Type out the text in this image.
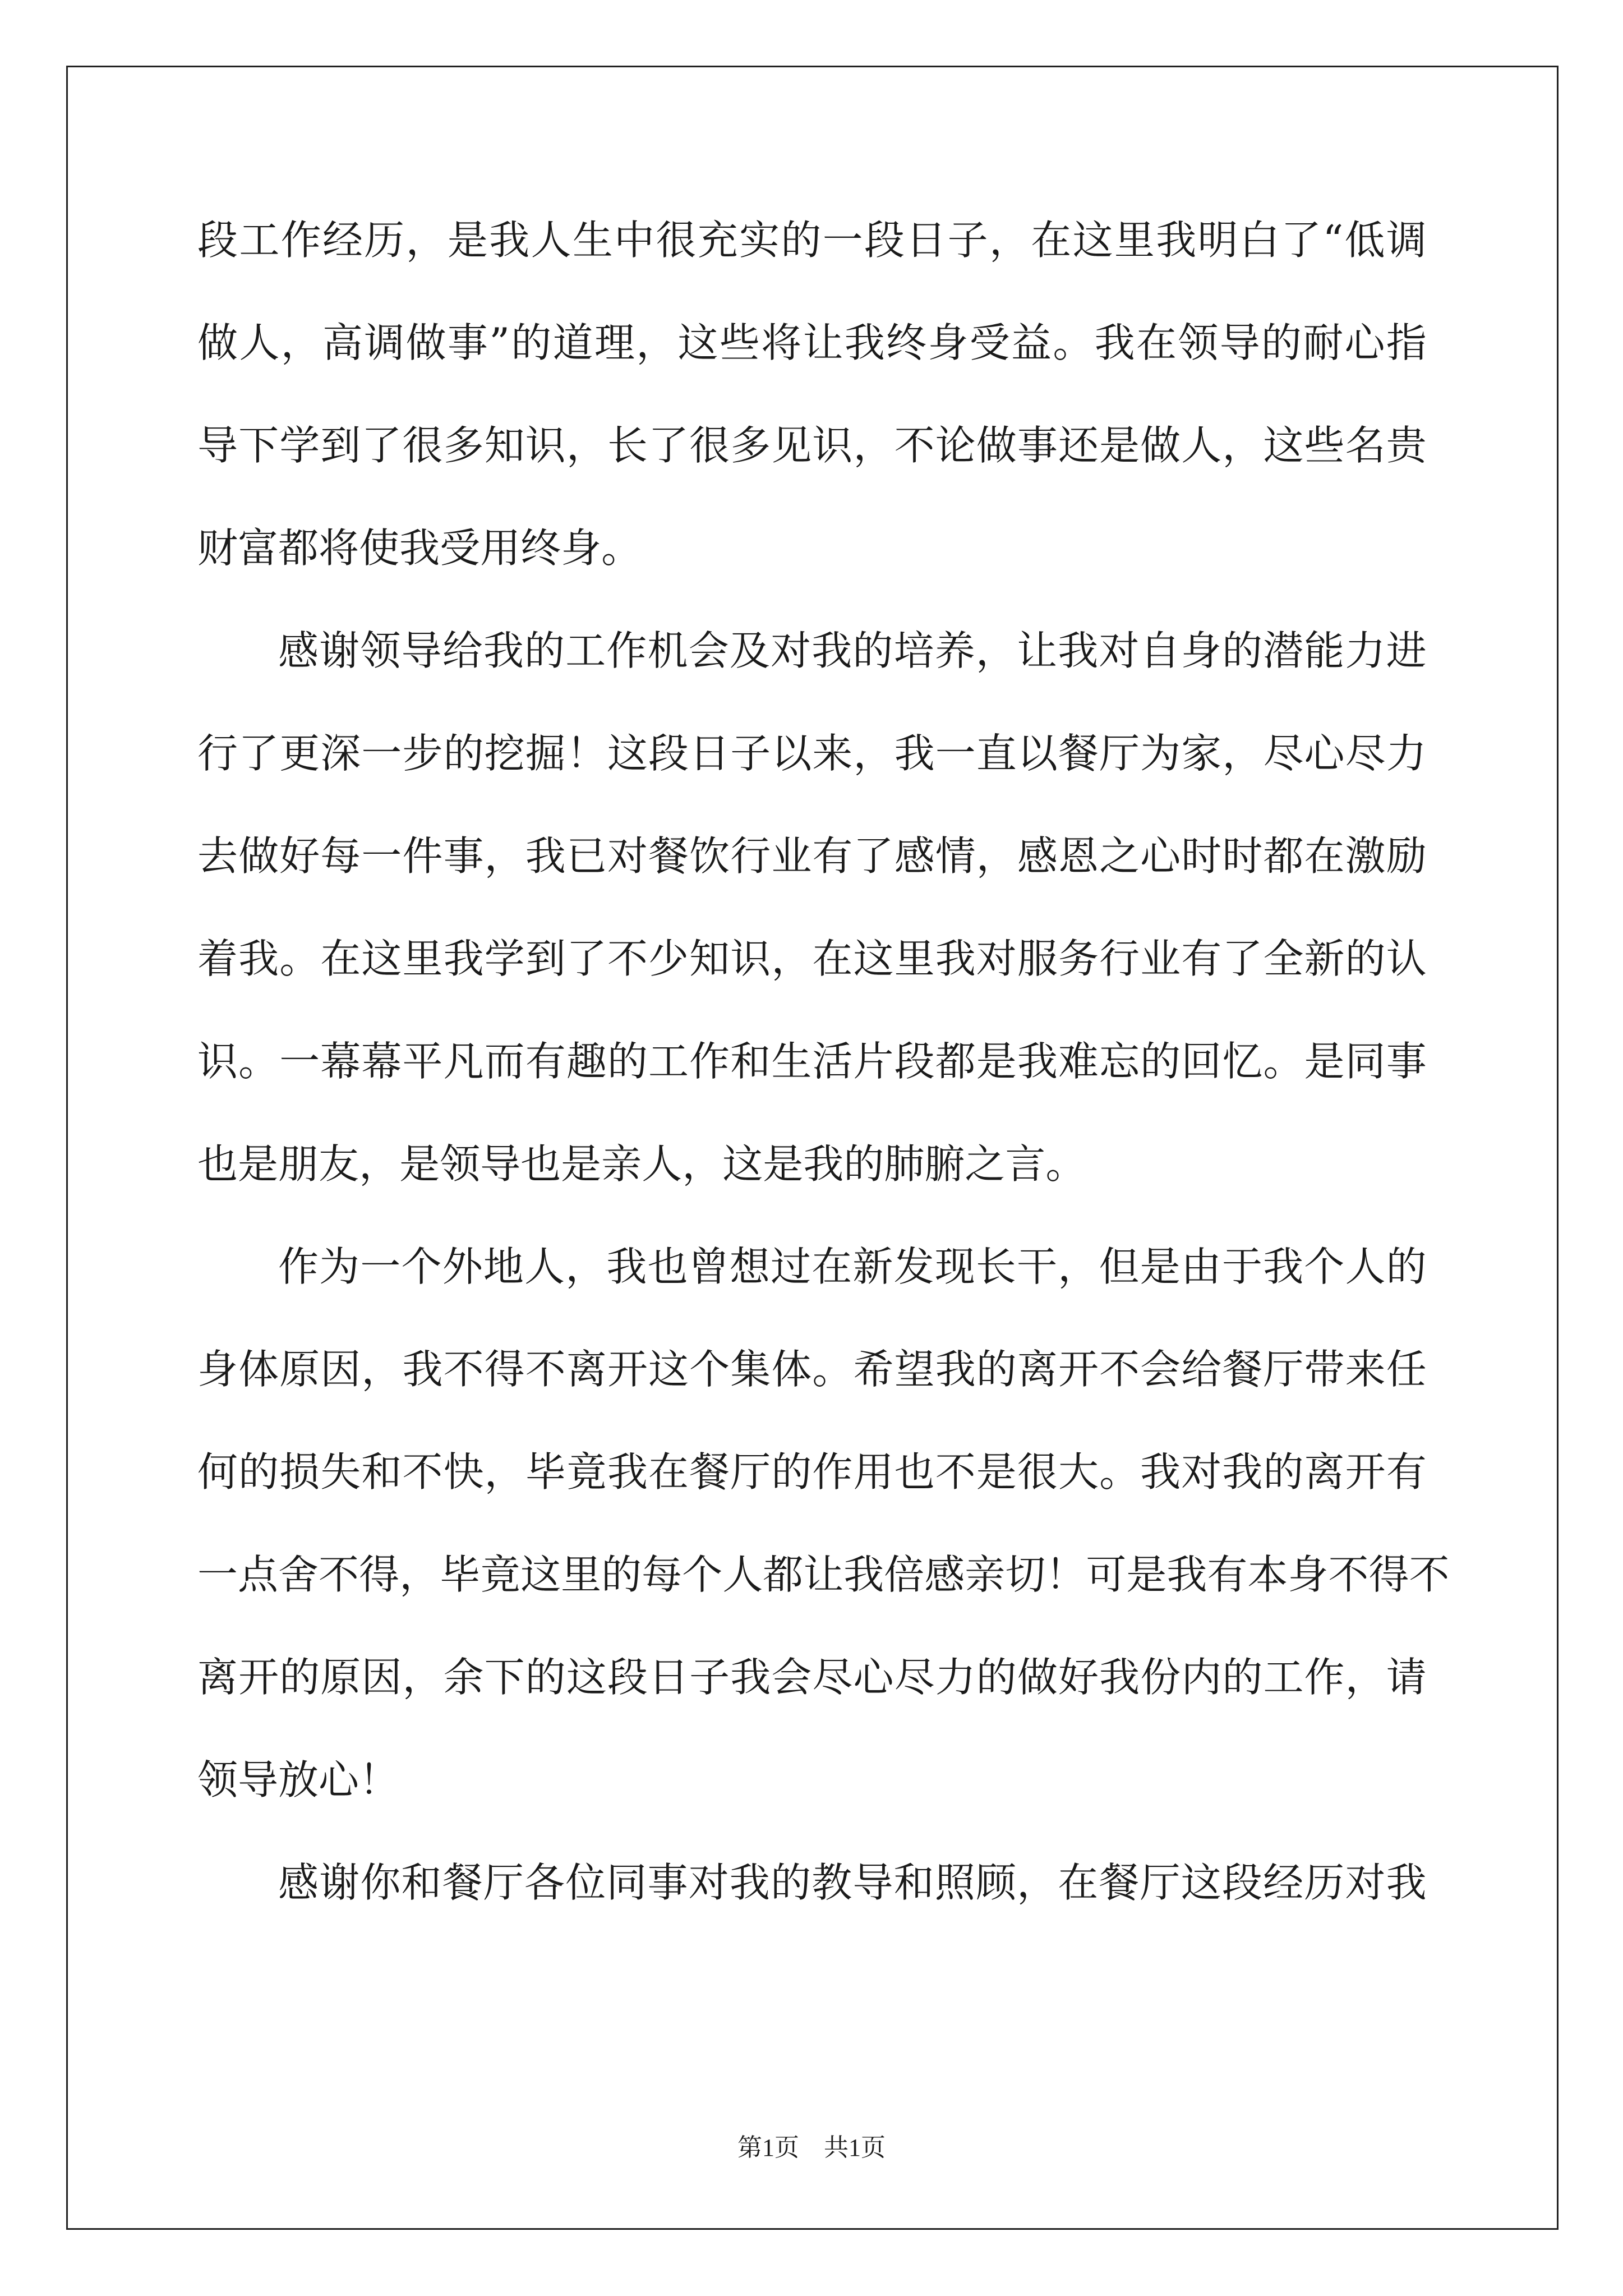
段 工 作 经 历 ， 是 我 人 生 中 很 充 实 的 一 段 日 子 ， 在 这 里 我 明 白 了 “ 低 调
做 人 ， 高 调 做 事 ” 的 道 理 ， 这 些 将 让 我 终 身 受 益 。 我 在 领 导 的 耐 心 指
导 下 学 到 了 很 多 知 识 ， 长 了 很 多 见 识 ， 不 论 做 事 还 是 做 人 ， 这 些 名 贵
财 富 都 将 使 我 受 用 终 身 。
感 谢 领 导 给 我 的 工 作 机 会 及 对 我 的 培 养 ， 让 我 对 自 身 的 潜 能 力 进
行 了 更 深 一 步 的 挖 掘 ！ 这 段 日 子 以 来 ， 我 一 直 以 餐 厅 为 家 ， 尽 心 尽 力
去 做 好 每 一 件 事 ， 我 已 对 餐 饮 行 业 有 了 感 情 ， 感 恩 之 心 时 时 都 在 激 励
着 我 。 在 这 里 我 学 到 了 不 少 知 识 ， 在 这 里 我 对 服 务 行 业 有 了 全 新 的 认
识 。 一 幕 幕 平 凡 而 有 趣 的 工 作 和 生 活 片 段 都 是 我 难 忘 的 回 忆 。 是 同 事
也 是 朋 友 ， 是 领 导 也 是 亲 人 ， 这 是 我 的 肺 腑 之 言 。
作 为 一 个 外 地 人 ， 我 也 曾 想 过 在 新 发 现 长 干 ， 但 是 由 于 我 个 人 的
身 体 原 因 ， 我 不 得 不 离 开 这 个 集 体 。 希 望 我 的 离 开 不 会 给 餐 厅 带 来 任
何 的 损 失 和 不 快 ， 毕 竟 我 在 餐 厅 的 作 用 也 不 是 很 大 。 我 对 我 的 离 开 有
一 点 舍 不 得 ， 毕 竟 这 里 的 每 个 人 都 让 我 倍 感 亲 切 ！ 可 是 我 有 本 身 不 得 不
离 开 的 原 因 ， 余 下 的 这 段 日 子 我 会 尽 心 尽 力 的 做 好 我 份 内 的 工 作 ， 请
领 导 放 心 ！
感 谢 你 和 餐 厅 各 位 同 事 对 我 的 教 导 和 照 顾 ， 在 餐 厅 这 段 经 历 对 我
第1页　共1页
